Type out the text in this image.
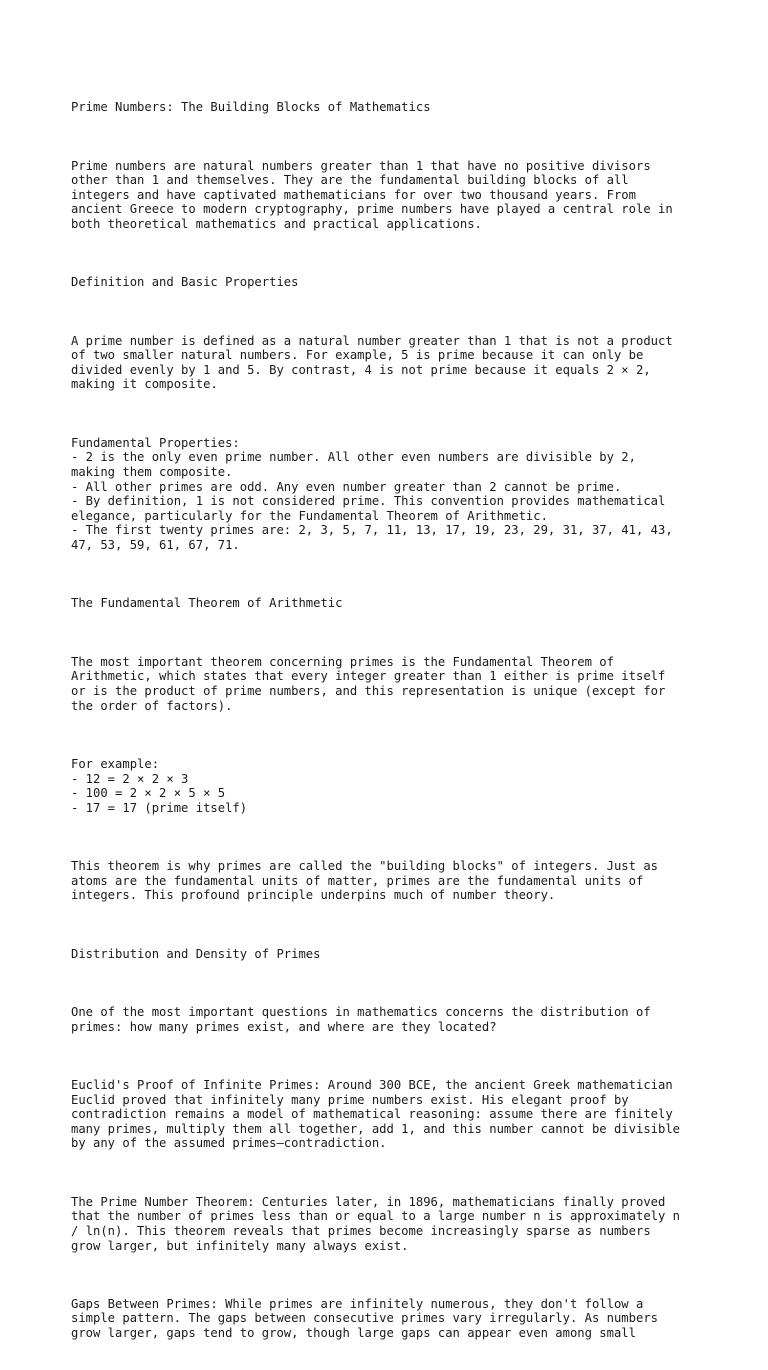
Prime Numbers: The Building Blocks of Mathematics

Prime numbers are natural numbers greater than 1 that have no positive divisors
other than 1 and themselves. They are the fundamental building blocks of all
integers and have captivated mathematicians for over two thousand years. From
ancient Greece to modern cryptography, prime numbers have played a central role in
both theoretical mathematics and practical applications.

Definition and Basic Properties

A prime number is defined as a natural number greater than 1 that is not a product
of two smaller natural numbers. For example, 5 is prime because it can only be
divided evenly by 1 and 5. By contrast, 4 is not prime because it equals 2 × 2,
making it composite.

Fundamental Properties:
- 2 is the only even prime number. All other even numbers are divisible by 2,
making them composite.
- All other primes are odd. Any even number greater than 2 cannot be prime.
- By definition, 1 is not considered prime. This convention provides mathematical
elegance, particularly for the Fundamental Theorem of Arithmetic.
- The first twenty primes are: 2, 3, 5, 7, 11, 13, 17, 19, 23, 29, 31, 37, 41, 43,
47, 53, 59, 61, 67, 71.

The Fundamental Theorem of Arithmetic

The most important theorem concerning primes is the Fundamental Theorem of
Arithmetic, which states that every integer greater than 1 either is prime itself
or is the product of prime numbers, and this representation is unique (except for
the order of factors).

For example:
- 12 = 2 × 2 × 3
- 100 = 2 × 2 × 5 × 5
- 17 = 17 (prime itself)

This theorem is why primes are called the "building blocks" of integers. Just as
atoms are the fundamental units of matter, primes are the fundamental units of
integers. This profound principle underpins much of number theory.

Distribution and Density of Primes

One of the most important questions in mathematics concerns the distribution of
primes: how many primes exist, and where are they located?

Euclid's Proof of Infinite Primes: Around 300 BCE, the ancient Greek mathematician
Euclid proved that infinitely many prime numbers exist. His elegant proof by
contradiction remains a model of mathematical reasoning: assume there are finitely
many primes, multiply them all together, add 1, and this number cannot be divisible
by any of the assumed primes—contradiction.

The Prime Number Theorem: Centuries later, in 1896, mathematicians finally proved
that the number of primes less than or equal to a large number n is approximately n
/ ln(n). This theorem reveals that primes become increasingly sparse as numbers
grow larger, but infinitely many always exist.

Gaps Between Primes: While primes are infinitely numerous, they don't follow a
simple pattern. The gaps between consecutive primes vary irregularly. As numbers
grow larger, gaps tend to grow, though large gaps can appear even among small
